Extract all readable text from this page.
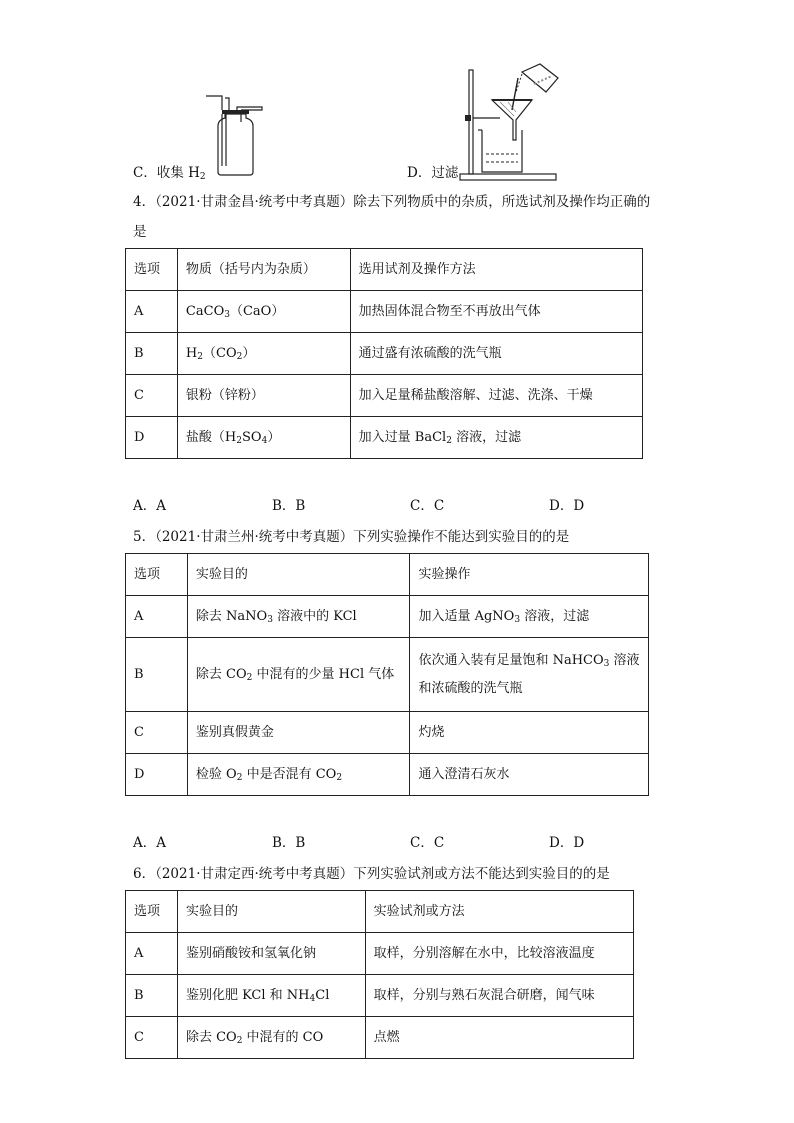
C．收集 $H_2$	D．过滤
4．（2021·甘肃金昌·统考中考真题）除去下列物质中的杂质，所选试剂及操作均正确的
是
选项	物质（括号内为杂质）	选用试剂及操作方法
A	CaCO$_3$（CaO）	加热固体混合物至不再放出气体
B	$H_2(CO_2)$	通过盛有浓硫酸的洗气瓶
C	银粉（锌粉）	加入足量稀盐酸溶解、过滤、洗涤、干燥
D	盐酸$(H_2SO_4)$	加入过量 BaCl$_2$ 溶液，过滤
A．A	B．B	C．C	D．D
5．（2021·甘肃兰州·统考中考真题）下列实验操作不能达到实验目的的是
选项	实验目的	实验操作
A	除去 NaNO$_3$ 溶液中的 KCl	加入适量 AgNO$_3$ 溶液，过滤
B	除去 $CO_2$ 中混有的少量 HCl 气体	依次通入装有足量饱和 NaHCO$_3$ 溶液
和浓硫酸的洗气瓶
C	鉴别真假黄金	灼烧
D	检验 $O_2$ 中是否混有 $CO_2$	通入澄清石灰水
A．A	B．B	C．C	D．D
6．（2021·甘肃定西·统考中考真题）下列实验试剂或方法不能达到实验目的的是
选项	实验目的	实验试剂或方法
A	鉴别硝酸铵和氢氧化钠	取样，分别溶解在水中，比较溶液温度
B	鉴别化肥 KCl 和 $NH_4Cl$	取样，分别与熟石灰混合研磨，闻气味
C	除去 $CO_2$ 中混有的 CO	点燃
